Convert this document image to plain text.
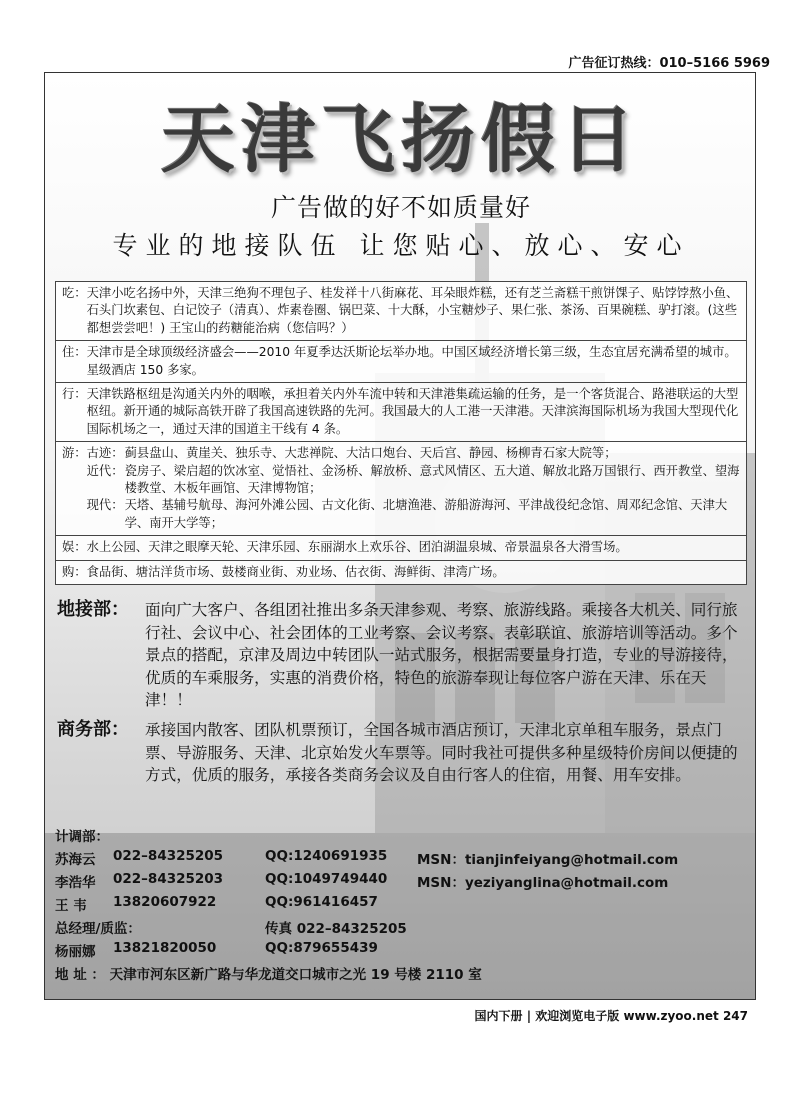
广告征订热线：010–5166 5969
天津飞扬假日
广告做的好不如质量好
专业的地接队伍 让您贴心、放心、安心
吃： 天津小吃名扬中外，天津三绝狗不理包子、桂发祥十八街麻花、耳朵眼炸糕，还有芝兰斋糕干煎饼馃子、贴饽饽熬小鱼、石头门坎素包、白记饺子（清真）、炸素卷圈、锅巴菜、十大酥，小宝糖炒子、果仁张、茶汤、百果碗糕、驴打滚。(这些都想尝尝吧！) 王宝山的药糖能治病（您信吗？）
住： 天津市是全球顶级经济盛会——2010 年夏季达沃斯论坛举办地。中国区域经济增长第三级，生态宜居充满希望的城市。星级酒店 150 多家。
行： 天津铁路枢纽是沟通关内外的咽喉，承担着关内外车流中转和天津港集疏运输的任务，是一个客货混合、路港联运的大型枢纽。新开通的城际高铁开辟了我国高速铁路的先河。我国最大的人工港一天津港。天津滨海国际机场为我国大型现代化国际机场之一，通过天津的国道主干线有 4 条。
游： 古迹： 蓟县盘山、黄崖关、独乐寺、大悲禅院、大沽口炮台、天后宫、静园、杨柳青石家大院等；
近代： 瓷房子、梁启超的饮冰室、觉悟社、金汤桥、解放桥、意式风情区、五大道、解放北路万国银行、西开教堂、望海楼教堂、木板年画馆、天津博物馆；
现代： 天塔、基辅号航母、海河外滩公园、古文化街、北塘渔港、游船游海河、平津战役纪念馆、周邓纪念馆、天津大学、南开大学等；
娱： 水上公园、天津之眼摩天轮、天津乐园、东丽湖水上欢乐谷、团泊湖温泉城、帝景温泉各大滑雪场。
购： 食品街、塘沽洋货市场、鼓楼商业街、劝业场、估衣街、海鲜街、津湾广场。
地接部： 面向广大客户、各组团社推出多条天津参观、考察、旅游线路。乘接各大机关、同行旅行社、会议中心、社会团体的工业考察、会议考察、表彰联谊、旅游培训等活动。多个景点的搭配，京津及周边中转团队一站式服务，根据需要量身打造，专业的导游接待，优质的车乘服务，实惠的消费价格，特色的旅游奉现让每位客户游在天津、乐在天津！！
商务部： 承接国内散客、团队机票预订，全国各城市酒店预订，天津北京单租车服务，景点门票、导游服务、天津、北京始发火车票等。同时我社可提供多种星级特价房间以便捷的方式，优质的服务，承接各类商务会议及自由行客人的住宿，用餐、用车安排。
计调部：
苏海云 022–84325205	QQ:1240691935 MSN：tianjinfeiyang@hotmail.com
李浩华 022–84325203	QQ:1049749440 MSN：yeziyanglina@hotmail.com
王 韦 13820607922	QQ:961416457
总经理/质监：	传真 022–84325205
杨丽娜 13821820050	QQ:879655439
地 址 ： 天津市河东区新广路与华龙道交口城市之光 19 号楼 2110 室
国内下册 | 欢迎浏览电子版 www.zyoo.net 247
